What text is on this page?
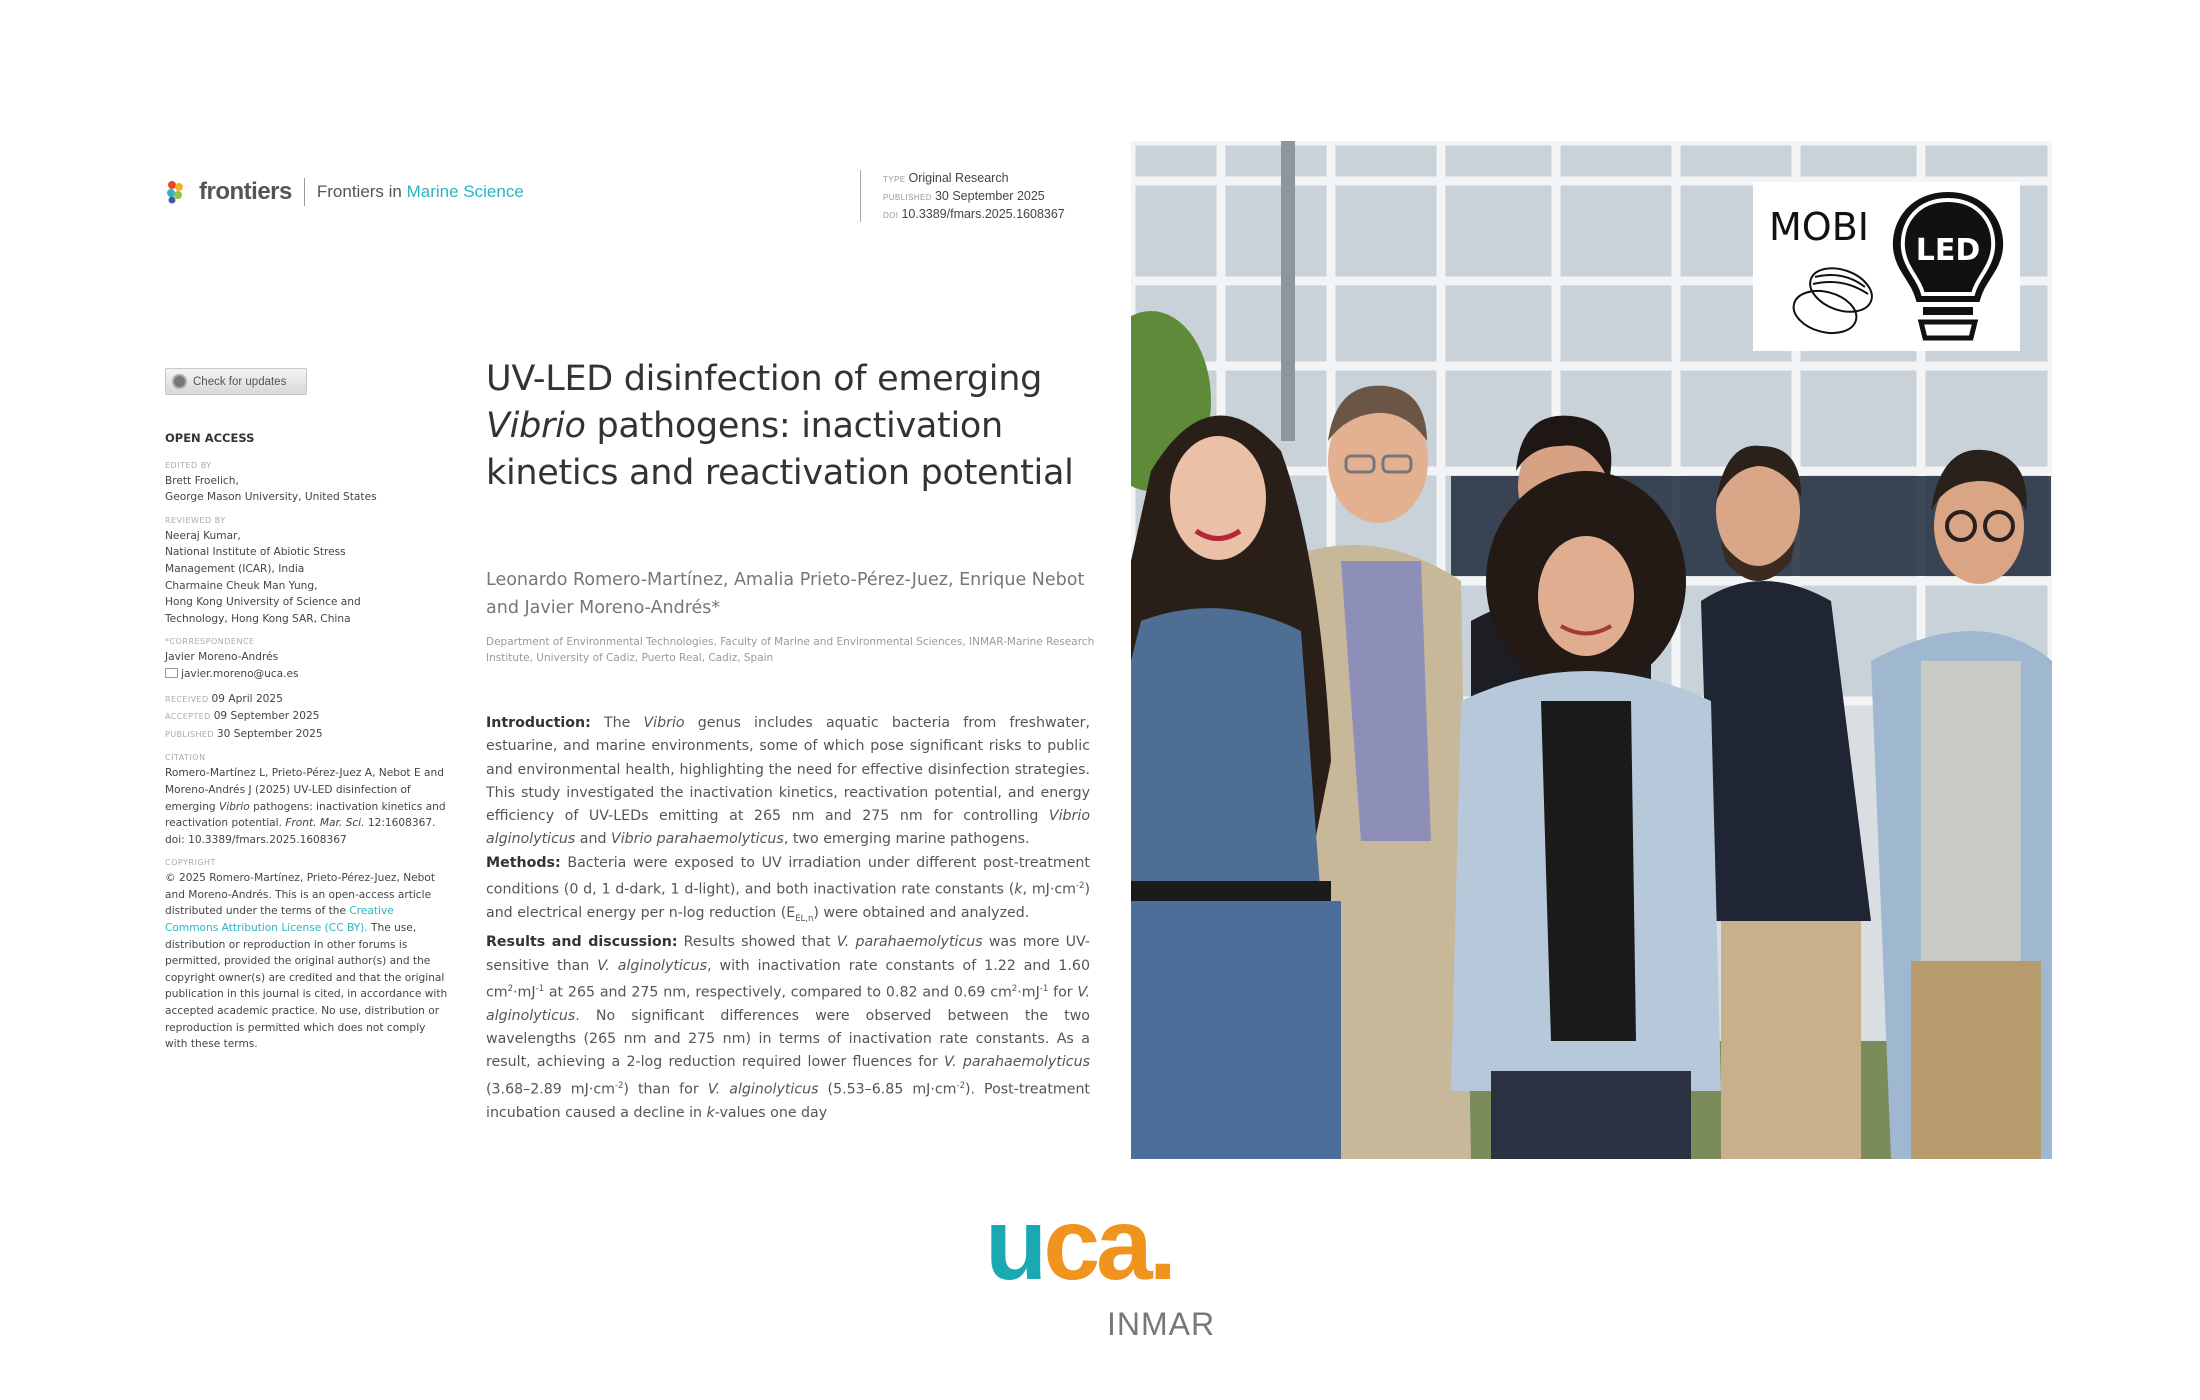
frontiers Frontiers in Marine Science
TYPE Original Research
PUBLISHED 30 September 2025
DOI 10.3389/fmars.2025.1608367
Check for updates
OPEN ACCESS
EDITED BY
Brett Froelich,
George Mason University, United States
REVIEWED BY
Neeraj Kumar,
National Institute of Abiotic Stress
Management (ICAR), India
Charmaine Cheuk Man Yung,
Hong Kong University of Science and
Technology, Hong Kong SAR, China
*CORRESPONDENCE
Javier Moreno-Andrés
javier.moreno@uca.es
RECEIVED 09 April 2025
ACCEPTED 09 September 2025
PUBLISHED 30 September 2025
CITATION
Romero-Martínez L, Prieto-Pérez-Juez A, Nebot E and Moreno-Andrés J (2025) UV-LED disinfection of emerging Vibrio pathogens: inactivation kinetics and reactivation potential. Front. Mar. Sci. 12:1608367. doi: 10.3389/fmars.2025.1608367
COPYRIGHT
© 2025 Romero-Martínez, Prieto-Pérez-Juez, Nebot and Moreno-Andrés. This is an open-access article distributed under the terms of the Creative Commons Attribution License (CC BY). The use, distribution or reproduction in other forums is permitted, provided the original author(s) and the copyright owner(s) are credited and that the original publication in this journal is cited, in accordance with accepted academic practice. No use, distribution or reproduction is permitted which does not comply with these terms.
UV-LED disinfection of emerging Vibrio pathogens: inactivation kinetics and reactivation potential
Leonardo Romero-Martínez, Amalia Prieto-Pérez-Juez, Enrique Nebot and Javier Moreno-Andrés*
Department of Environmental Technologies, Faculty of Marine and Environmental Sciences, INMAR-Marine Research Institute, University of Cadiz, Puerto Real, Cadiz, Spain

Introduction: The Vibrio genus includes aquatic bacteria from freshwater, estuarine, and marine environments, some of which pose significant risks to public and environmental health, highlighting the need for effective disinfection strategies. This study investigated the inactivation kinetics, reactivation potential, and energy efficiency of UV-LEDs emitting at 265 nm and 275 nm for controlling Vibrio alginolyticus and Vibrio parahaemolyticus, two emerging marine pathogens.

Methods: Bacteria were exposed to UV irradiation under different post-treatment conditions (0 d, 1 d-dark, 1 d-light), and both inactivation rate constants (k, $mJ\cdot cm^{-2}$) and electrical energy per n-log reduction $(E_{EL,n})$ were obtained and analyzed.

Results and discussion: Results showed that V. parahaemolyticus was more UV-sensitive than V. alginolyticus, with inactivation rate constants of 1.22 and 1.60 $cm^2\cdot mJ^{-1}$ at 265 and 275 nm, respectively, compared to 0.82 and 0.69 $cm^2\cdot mJ^{-1}$ for V. alginolyticus. No significant differences were observed between the two wavelengths (265 nm and 275 nm) in terms of inactivation rate constants. As a result, achieving a 2-log reduction required lower fluences for V. parahaemolyticus (3.68–2.89 $mJ\cdot cm^{-2}$) than for V. alginolyticus (5.53–6.85 $mJ\cdot cm^{-2}$). Post-treatment incubation caused a decline in k-values one day

MOBI
LED
uca.
INMAR
